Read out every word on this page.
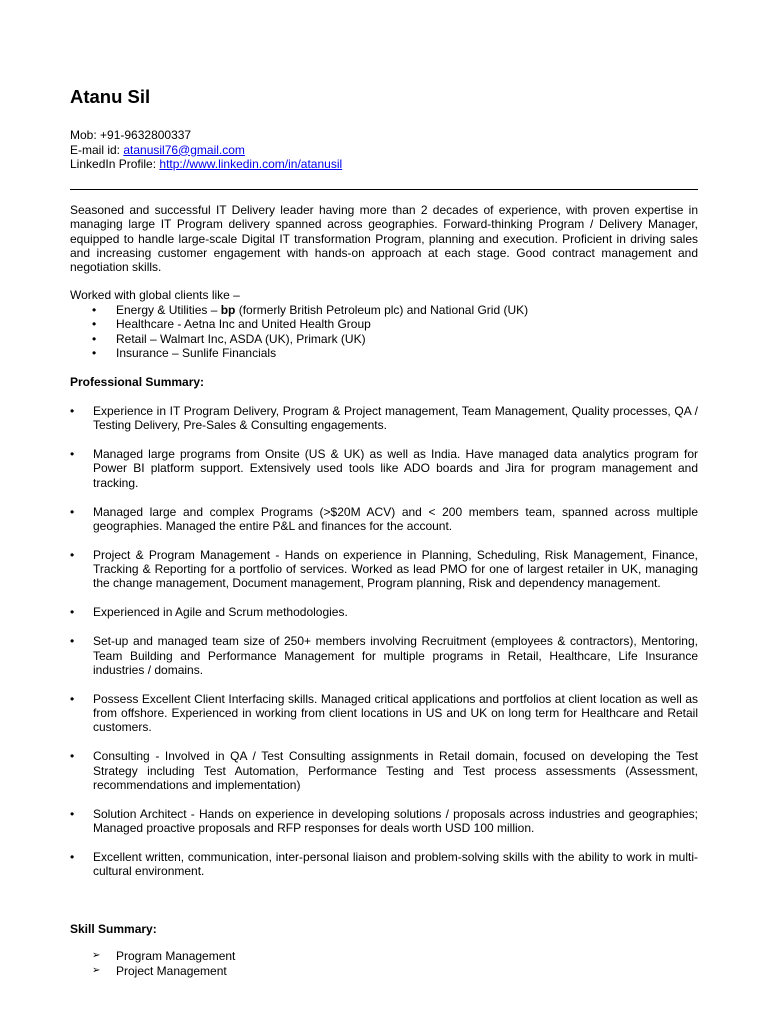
Atanu Sil
Mob: +91-9632800337
E-mail id: atanusil76@gmail.com
LinkedIn Profile: http://www.linkedin.com/in/atanusil

Seasoned and successful IT Delivery leader having more than 2 decades of experience, with proven expertise in managing large IT Program delivery spanned across geographies. Forward-thinking Program / Delivery Manager, equipped to handle large-scale Digital IT transformation Program, planning and execution. Proficient in driving sales and increasing customer engagement with hands-on approach at each stage. Good contract management and negotiation skills.

Worked with global clients like –
• Energy & Utilities – bp (formerly British Petroleum plc) and National Grid (UK)
• Healthcare - Aetna Inc and United Health Group
• Retail – Walmart Inc, ASDA (UK), Primark (UK)
• Insurance – Sunlife Financials
Professional Summary:
• Experience in IT Program Delivery, Program & Project management, Team Management, Quality processes, QA / Testing Delivery, Pre-Sales & Consulting engagements.
• Managed large programs from Onsite (US & UK) as well as India. Have managed data analytics program for Power BI platform support. Extensively used tools like ADO boards and Jira for program management and tracking.
• Managed large and complex Programs (>$20M ACV) and < 200 members team, spanned across multiple geographies. Managed the entire P&L and finances for the account.
• Project & Program Management - Hands on experience in Planning, Scheduling, Risk Management, Finance, Tracking & Reporting for a portfolio of services. Worked as lead PMO for one of largest retailer in UK, managing the change management, Document management, Program planning, Risk and dependency management.
• Experienced in Agile and Scrum methodologies.
• Set-up and managed team size of 250+ members involving Recruitment (employees & contractors), Mentoring, Team Building and Performance Management for multiple programs in Retail, Healthcare, Life Insurance industries / domains.
• Possess Excellent Client Interfacing skills. Managed critical applications and portfolios at client location as well as from offshore. Experienced in working from client locations in US and UK on long term for Healthcare and Retail customers.
• Consulting - Involved in QA / Test Consulting assignments in Retail domain, focused on developing the Test Strategy including Test Automation, Performance Testing and Test process assessments (Assessment, recommendations and implementation)
• Solution Architect - Hands on experience in developing solutions / proposals across industries and geographies; Managed proactive proposals and RFP responses for deals worth USD 100 million.
• Excellent written, communication, inter-personal liaison and problem-solving skills with the ability to work in multi-cultural environment.
Skill Summary:
➢ Program Management
➢ Project Management
